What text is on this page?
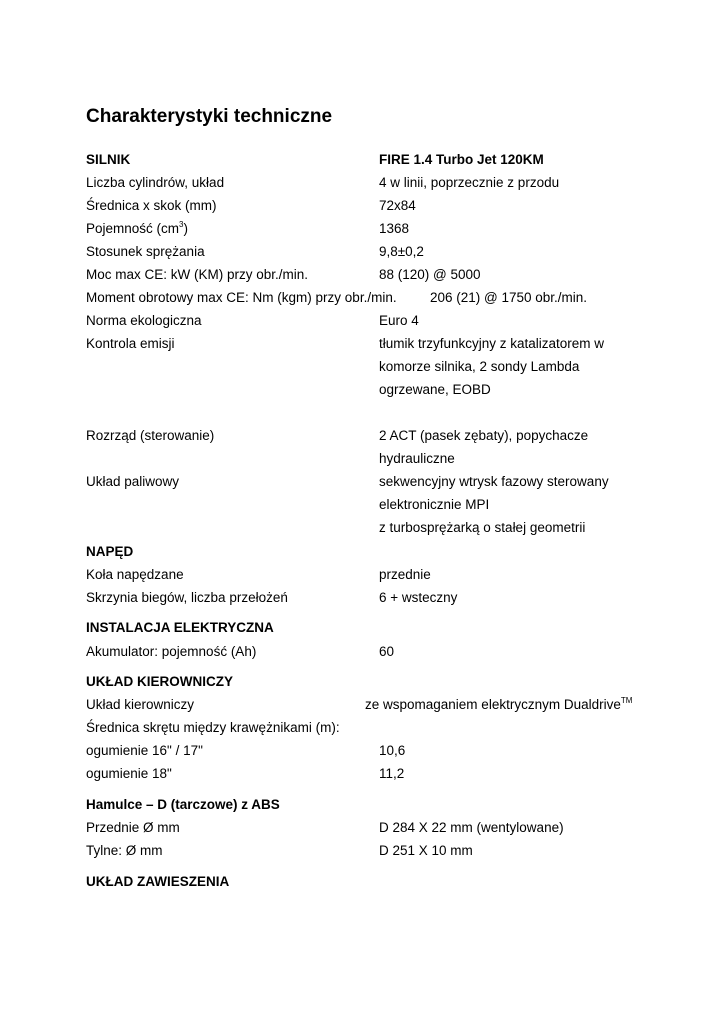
Charakterystyki techniczne
SILNIK	FIRE 1.4 Turbo Jet 120KM
Liczba cylindrów, układ	4 w linii, poprzecznie z przodu
Średnica x skok (mm)	72x84
Pojemność $(cm^3)$	1368
Stosunek sprężania	9,8±0,2
Moc max CE: kW (KM) przy obr./min.	88 (120) @ 5000
Moment obrotowy max CE: Nm (kgm) przy obr./min. 206 (21) @ 1750 obr./min.
Norma ekologiczna	Euro 4
Kontrola emisji	tłumik trzyfunkcyjny z katalizatorem w
komorze silnika, 2 sondy Lambda
ogrzewane, EOBD
Rozrząd (sterowanie)	2 ACT (pasek zębaty), popychacze
hydrauliczne
Układ paliwowy	sekwencyjny wtrysk fazowy sterowany
elektronicznie MPI
z turbosprężarką o stałej geometrii
NAPĘD
Koła napędzane	przednie
Skrzynia biegów, liczba przełożeń	6 + wsteczny
INSTALACJA ELEKTRYCZNA
Akumulator: pojemność (Ah)	60
UKŁAD KIEROWNICZY
Układ kierowniczy	ze wspomaganiem elektrycznym Dualdrive™
Średnica skrętu między krawężnikami (m):
ogumienie 16" / 17"	10,6
ogumienie 18"	11,2
Hamulce – D (tarczowe) z ABS
Przednie Ø mm	D 284 X 22 mm (wentylowane)
Tylne: Ø mm	D 251 X 10 mm
UKŁAD ZAWIESZENIA
